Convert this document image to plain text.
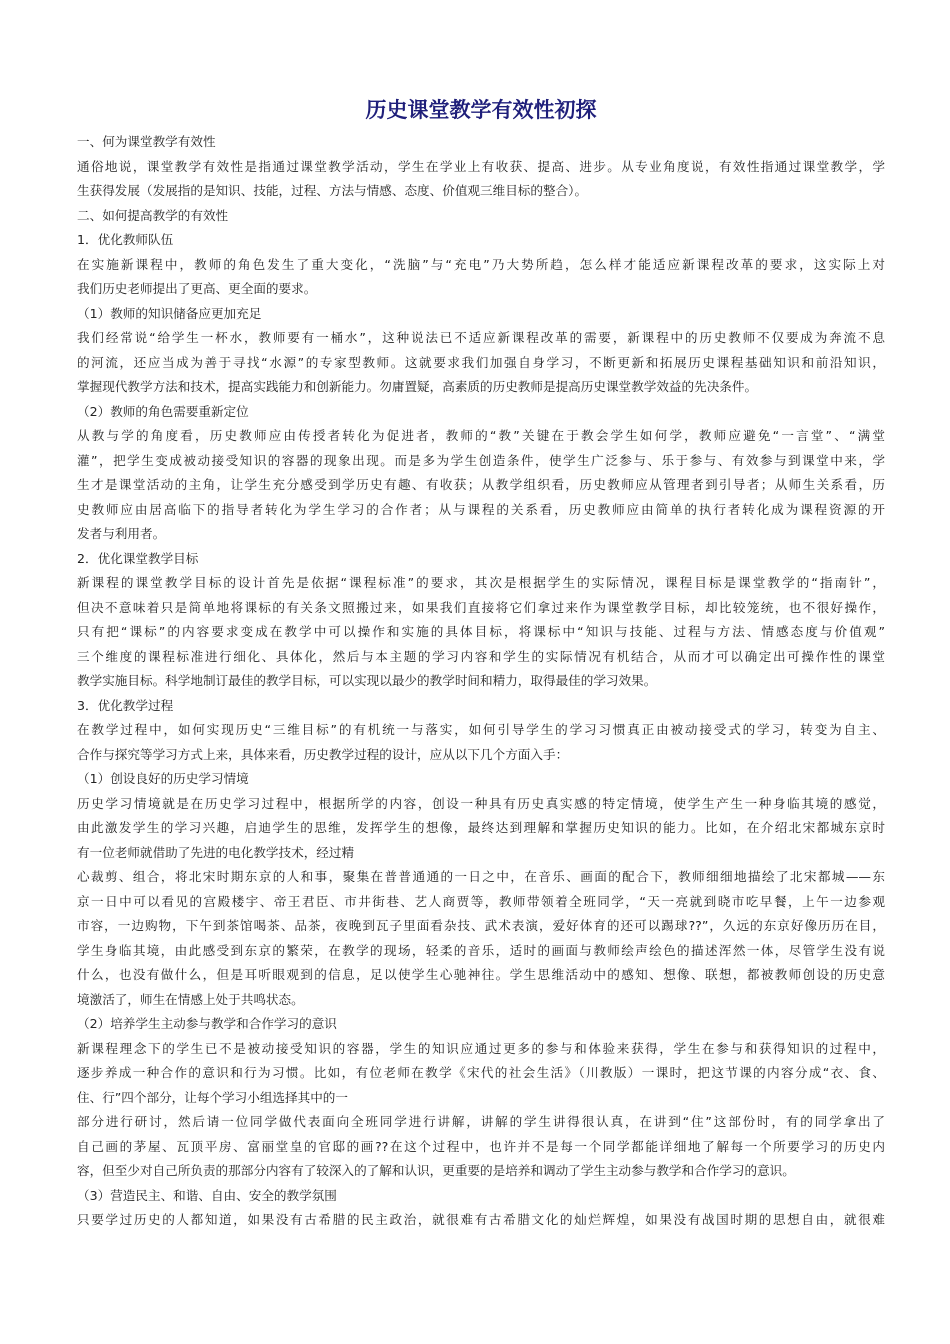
历史课堂教学有效性初探
一、何为课堂教学有效性
通俗地说，课堂教学有效性是指通过课堂教学活动，学生在学业上有收获、提高、进步。从专业角度说，有效性指通过课堂教学，学
生获得发展（发展指的是知识、技能，过程、方法与情感、态度、价值观三维目标的整合）。
二、如何提高教学的有效性
1．优化教师队伍
在实施新课程中，教师的角色发生了重大变化，“洗脑”与“充电”乃大势所趋，怎么样才能适应新课程改革的要求，这实际上对
我们历史老师提出了更高、更全面的要求。
（1）教师的知识储备应更加充足
我们经常说“给学生一杯水，教师要有一桶水”，这种说法已不适应新课程改革的需要，新课程中的历史教师不仅要成为奔流不息
的河流，还应当成为善于寻找“水源”的专家型教师。这就要求我们加强自身学习，不断更新和拓展历史课程基础知识和前沿知识，
掌握现代教学方法和技术，提高实践能力和创新能力。勿庸置疑，高素质的历史教师是提高历史课堂教学效益的先决条件。
（2）教师的角色需要重新定位
从教与学的角度看，历史教师应由传授者转化为促进者，教师的“教”关键在于教会学生如何学，教师应避免“一言堂”、“满堂
灌”，把学生变成被动接受知识的容器的现象出现。而是多为学生创造条件，使学生广泛参与、乐于参与、有效参与到课堂中来，学
生才是课堂活动的主角，让学生充分感受到学历史有趣、有收获；从教学组织看，历史教师应从管理者到引导者；从师生关系看，历
史教师应由居高临下的指导者转化为学生学习的合作者；从与课程的关系看，历史教师应由简单的执行者转化成为课程资源的开
发者与利用者。
2．优化课堂教学目标
新课程的课堂教学目标的设计首先是依据“课程标准”的要求，其次是根据学生的实际情况，课程目标是课堂教学的“指南针”，
但决不意味着只是简单地将课标的有关条文照搬过来，如果我们直接将它们拿过来作为课堂教学目标，却比较笼统，也不很好操作，
只有把“课标”的内容要求变成在教学中可以操作和实施的具体目标，将课标中“知识与技能、过程与方法、情感态度与价值观”
三个维度的课程标准进行细化、具体化，然后与本主题的学习内容和学生的实际情况有机结合，从而才可以确定出可操作性的课堂
教学实施目标。科学地制订最佳的教学目标，可以实现以最少的教学时间和精力，取得最佳的学习效果。
3．优化教学过程
在教学过程中，如何实现历史“三维目标”的有机统一与落实，如何引导学生的学习习惯真正由被动接受式的学习，转变为自主、
合作与探究等学习方式上来，具体来看，历史教学过程的设计，应从以下几个方面入手：
（1）创设良好的历史学习情境
历史学习情境就是在历史学习过程中，根据所学的内容，创设一种具有历史真实感的特定情境，使学生产生一种身临其境的感觉，
由此激发学生的学习兴趣，启迪学生的思维，发挥学生的想像，最终达到理解和掌握历史知识的能力。比如，在介绍北宋都城东京时
有一位老师就借助了先进的电化教学技术，经过精
心裁剪、组合，将北宋时期东京的人和事，聚集在普普通通的一日之中，在音乐、画面的配合下，教师细细地描绘了北宋都城——东
京一日中可以看见的宫殿楼宇、帝王君臣、市井街巷、艺人商贾等，教师带领着全班同学，“天一亮就到晓市吃早餐，上午一边参观
市容，一边购物，下午到茶馆喝茶、品茶，夜晚到瓦子里面看杂技、武术表演，爱好体育的还可以踢球??”，久远的东京好像历历在目，
学生身临其境，由此感受到东京的繁荣，在教学的现场，轻柔的音乐，适时的画面与教师绘声绘色的描述浑然一体，尽管学生没有说
什么，也没有做什么，但是耳听眼观到的信息，足以使学生心驰神往。学生思维活动中的感知、想像、联想，都被教师创设的历史意
境激活了，师生在情感上处于共鸣状态。
（2）培养学生主动参与教学和合作学习的意识
新课程理念下的学生已不是被动接受知识的容器，学生的知识应通过更多的参与和体验来获得，学生在参与和获得知识的过程中，
逐步养成一种合作的意识和行为习惯。比如，有位老师在教学《宋代的社会生活》（川教版）一课时，把这节课的内容分成“衣、食、
住、行”四个部分，让每个学习小组选择其中的一
部分进行研讨，然后请一位同学做代表面向全班同学进行讲解，讲解的学生讲得很认真，在讲到“住”这部份时，有的同学拿出了
自己画的茅屋、瓦顶平房、富丽堂皇的官邸的画??在这个过程中，也许并不是每一个同学都能详细地了解每一个所要学习的历史内
容，但至少对自己所负责的那部分内容有了较深入的了解和认识，更重要的是培养和调动了学生主动参与教学和合作学习的意识。
（3）营造民主、和谐、自由、安全的教学氛围
只要学过历史的人都知道，如果没有古希腊的民主政治，就很难有古希腊文化的灿烂辉煌，如果没有战国时期的思想自由，就很难
